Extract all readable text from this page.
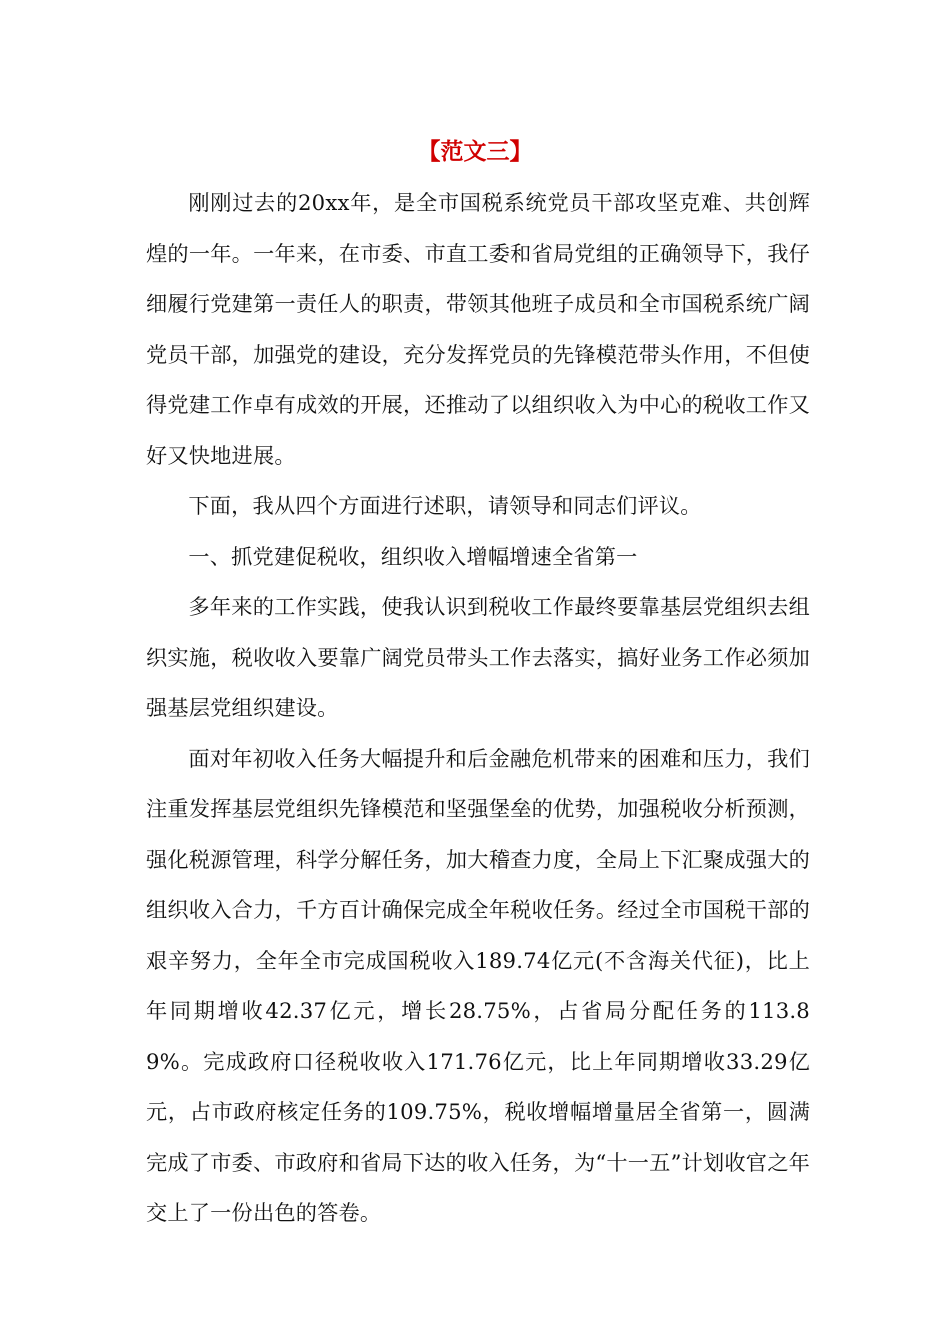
【范文三】

刚刚过去的20xx年，是全市国税系统党员干部攻坚克难、共创辉煌的一年。一年来，在市委、市直工委和省局党组的正确领导下，我仔细履行党建第一责任人的职责，带领其他班子成员和全市国税系统广阔党员干部，加强党的建设，充分发挥党员的先锋模范带头作用，不但使得党建工作卓有成效的开展，还推动了以组织收入为中心的税收工作又好又快地进展。

下面，我从四个方面进行述职，请领导和同志们评议。

一、抓党建促税收，组织收入增幅增速全省第一

多年来的工作实践，使我认识到税收工作最终要靠基层党组织去组织实施，税收收入要靠广阔党员带头工作去落实，搞好业务工作必须加强基层党组织建设。

面对年初收入任务大幅提升和后金融危机带来的困难和压力，我们注重发挥基层党组织先锋模范和坚强堡垒的优势，加强税收分析预测，强化税源管理，科学分解任务，加大稽查力度，全局上下汇聚成强大的组织收入合力，千方百计确保完成全年税收任务。经过全市国税干部的艰辛努力，全年全市完成国税收入189.74亿元(不含海关代征)，比上年同期增收42.37亿元，增长28.75%，占省局分配任务的113.89%。完成政府口径税收收入171.76亿元，比上年同期增收33.29亿元，占市政府核定任务的109.75%，税收增幅增量居全省第一，圆满完成了市委、市政府和省局下达的收入任务，为“十一五”计划收官之年交上了一份出色的答卷。
